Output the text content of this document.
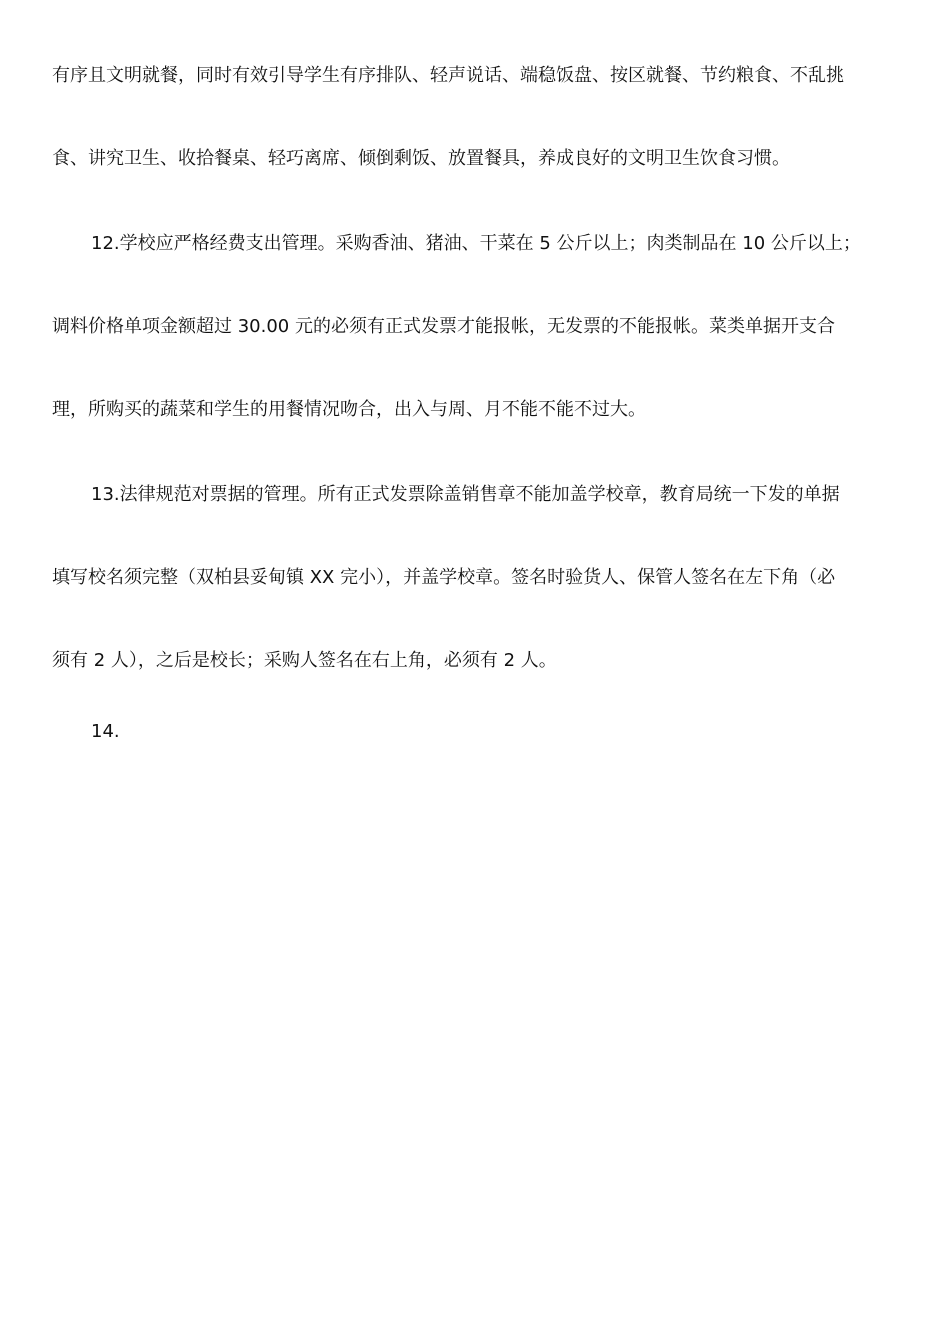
有序且文明就餐，同时有效引导学生有序排队、轻声说话、端稳饭盘、按区就餐、节约粮食、不乱挑
食、讲究卫生、收拾餐桌、轻巧离席、倾倒剩饭、放置餐具，养成良好的文明卫生饮食习惯。
12.学校应严格经费支出管理。采购香油、猪油、干菜在 5 公斤以上；肉类制品在 10 公斤以上；
调料价格单项金额超过 30.00 元的必须有正式发票才能报帐，无发票的不能报帐。菜类单据开支合
理，所购买的蔬菜和学生的用餐情况吻合，出入与周、月不能不能不过大。
13.法律规范对票据的管理。所有正式发票除盖销售章不能加盖学校章，教育局统一下发的单据
填写校名须完整（双柏县妥甸镇 XX 完小），并盖学校章。签名时验货人、保管人签名在左下角（必
须有 2 人），之后是校长；采购人签名在右上角，必须有 2 人。
14.
